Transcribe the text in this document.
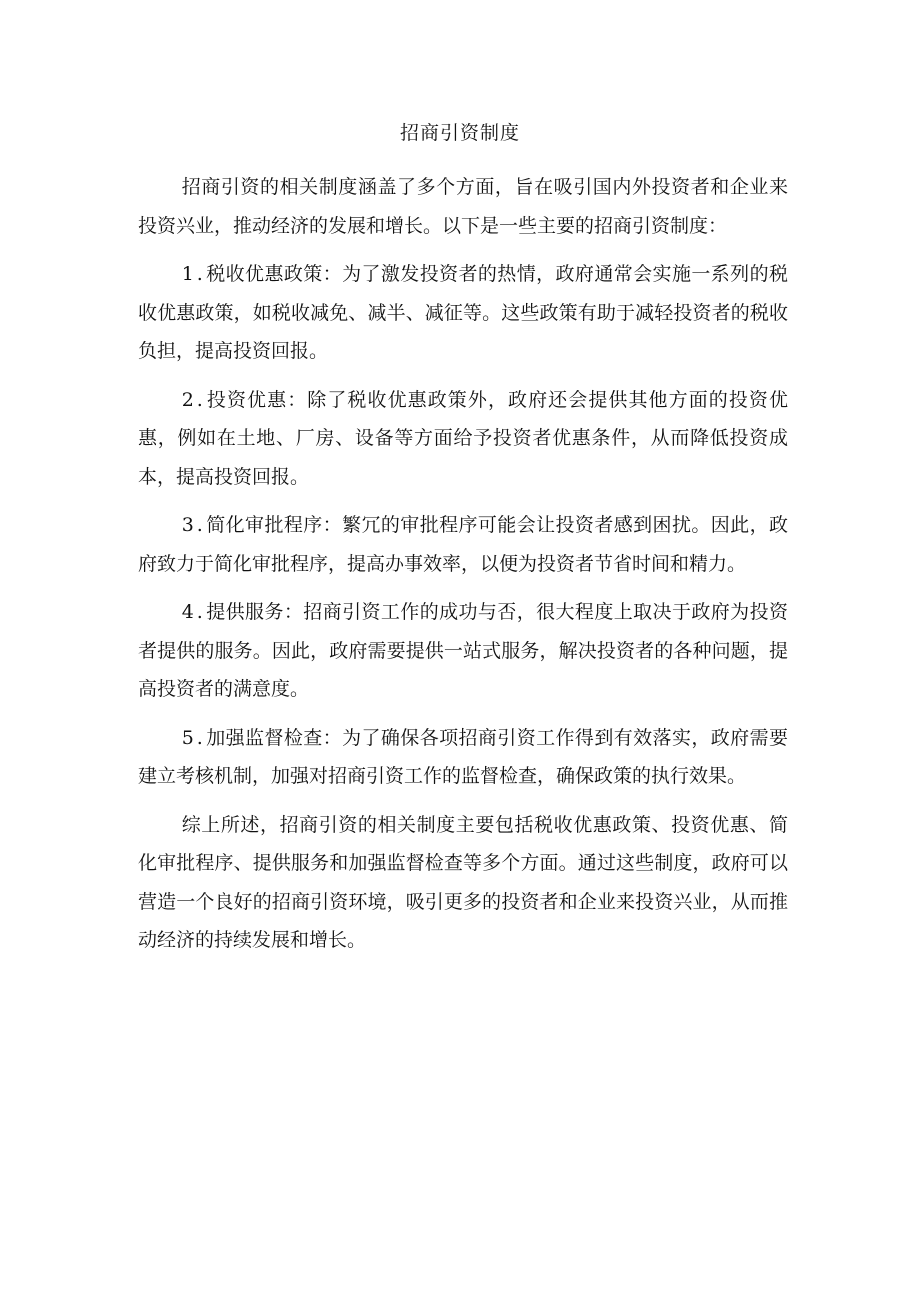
招商引资制度

招商引资的相关制度涵盖了多个方面，旨在吸引国内外投资者和企业来投资兴业，推动经济的发展和增长。以下是一些主要的招商引资制度：

1.税收优惠政策：为了激发投资者的热情，政府通常会实施一系列的税收优惠政策，如税收减免、减半、减征等。这些政策有助于减轻投资者的税收负担，提高投资回报。

2.投资优惠：除了税收优惠政策外，政府还会提供其他方面的投资优惠，例如在土地、厂房、设备等方面给予投资者优惠条件，从而降低投资成本，提高投资回报。

3.简化审批程序：繁冗的审批程序可能会让投资者感到困扰。因此，政府致力于简化审批程序，提高办事效率，以便为投资者节省时间和精力。

4.提供服务：招商引资工作的成功与否，很大程度上取决于政府为投资者提供的服务。因此，政府需要提供一站式服务，解决投资者的各种问题，提高投资者的满意度。

5.加强监督检查：为了确保各项招商引资工作得到有效落实，政府需要建立考核机制，加强对招商引资工作的监督检查，确保政策的执行效果。

综上所述，招商引资的相关制度主要包括税收优惠政策、投资优惠、简化审批程序、提供服务和加强监督检查等多个方面。通过这些制度，政府可以营造一个良好的招商引资环境，吸引更多的投资者和企业来投资兴业，从而推动经济的持续发展和增长。
